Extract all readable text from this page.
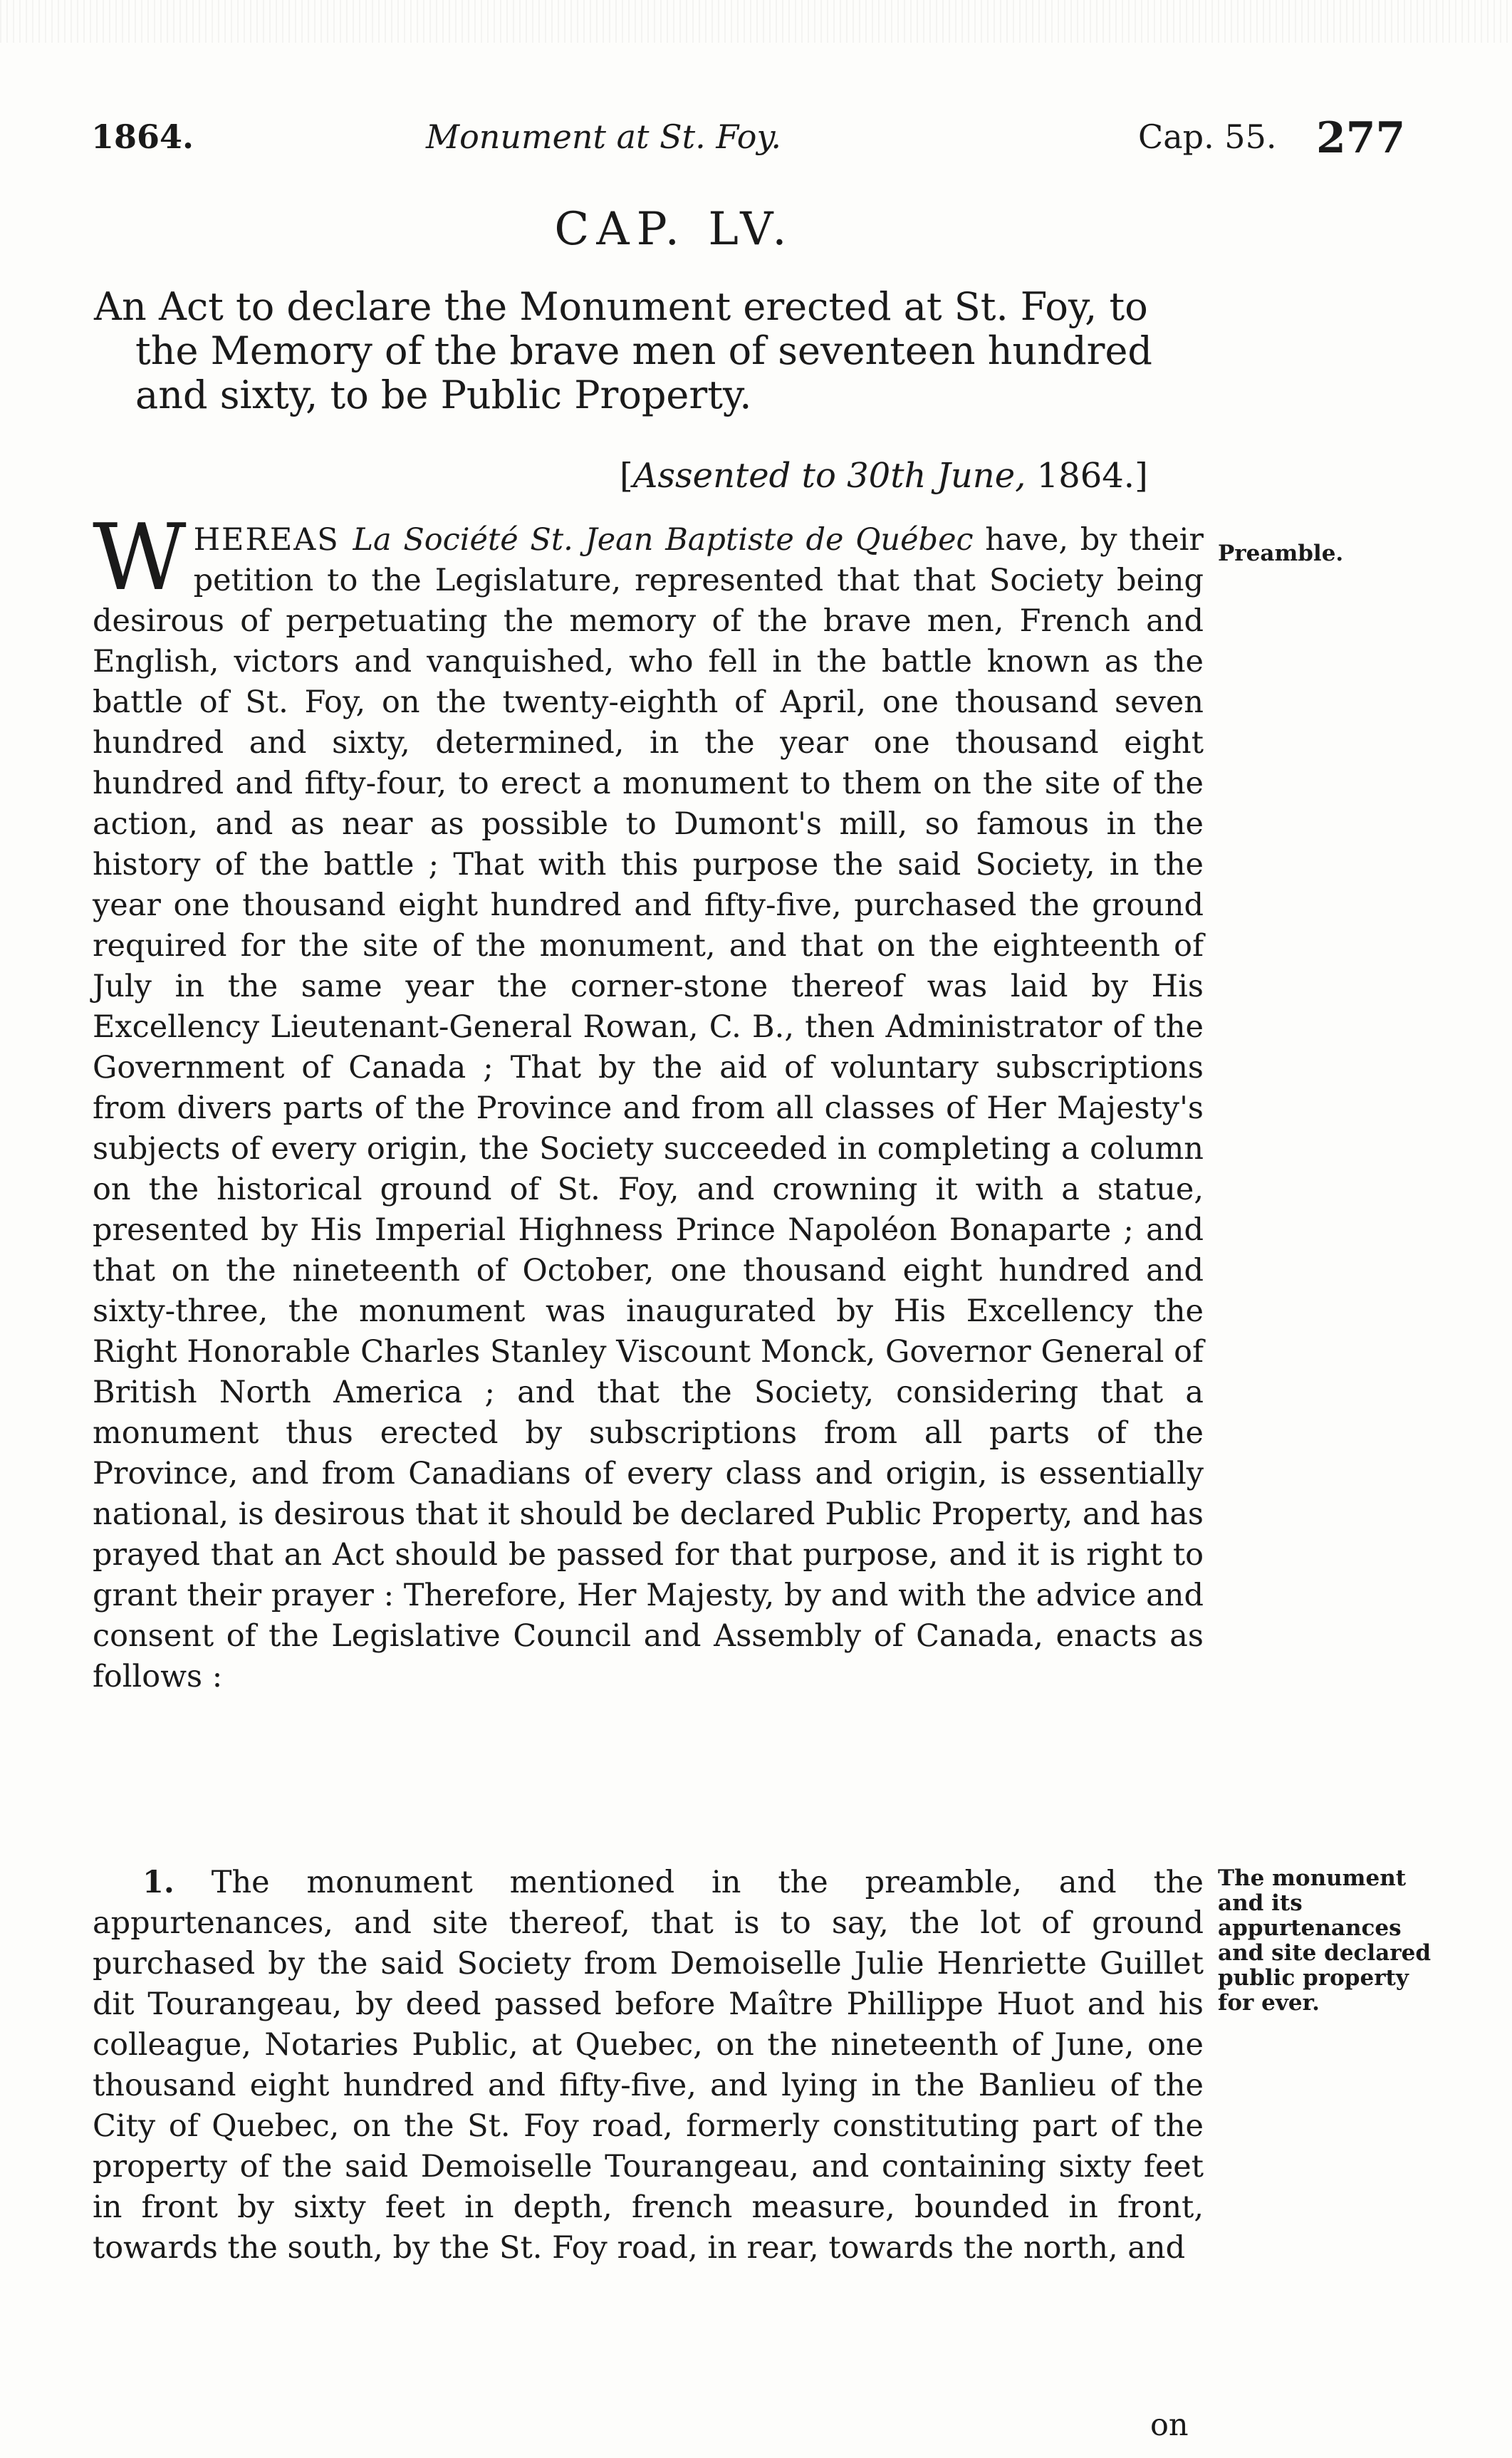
1864.	Monument at St. Foy.	Cap. 55. 277
CAP. LV.
An Act to declare the Monument erected at St. Foy, to the Memory of the brave men of seventeen hundred and sixty, to be Public Property.
[Assented to 30th June, 1864.]
Preamble.
WHEREAS La Société St. Jean Baptiste de Québec have, by their petition to the Legislature, represented that that Society being desirous of perpetuating the memory of the brave men, French and English, victors and vanquished, who fell in the battle known as the battle of St. Foy, on the twenty-eighth of April, one thousand seven hundred and sixty, determined, in the year one thousand eight hundred and fifty-four, to erect a monument to them on the site of the action, and as near as possible to Dumont's mill, so famous in the history of the battle ; That with this purpose the said Society, in the year one thousand eight hundred and fifty-five, purchased the ground required for the site of the monument, and that on the eighteenth of July in the same year the corner-stone thereof was laid by His Excellency Lieutenant-General Rowan, C. B., then Administrator of the Government of Canada ; That by the aid of voluntary subscriptions from divers parts of the Province and from all classes of Her Majesty's subjects of every origin, the Society succeeded in completing a column on the historical ground of St. Foy, and crowning it with a statue, presented by His Imperial Highness Prince Napoléon Bonaparte ; and that on the nineteenth of October, one thousand eight hundred and sixty-three, the monument was inaugurated by His Excellency the Right Honorable Charles Stanley Viscount Monck, Governor General of British North America ; and that the Society, considering that a monument thus erected by subscriptions from all parts of the Province, and from Canadians of every class and origin, is essentially national, is desirous that it should be declared Public Property, and has prayed that an Act should be passed for that purpose, and it is right to grant their prayer : Therefore, Her Majesty, by and with the advice and consent of the Legislative Council and Assembly of Canada, enacts as follows :
The monument and its appurtenances and site declared public property for ever.
1. The monument mentioned in the preamble, and the appurtenances, and site thereof, that is to say, the lot of ground purchased by the said Society from Demoiselle Julie Henriette Guillet dit Tourangeau, by deed passed before Maître Phillippe Huot and his colleague, Notaries Public, at Quebec, on the nineteenth of June, one thousand eight hundred and fifty-five, and lying in the Banlieu of the City of Quebec, on the St. Foy road, formerly constituting part of the property of the said Demoiselle Tourangeau, and containing sixty feet in front by sixty feet in depth, french measure, bounded in front, towards the south, by the St. Foy road, in rear, towards the north, and
on
